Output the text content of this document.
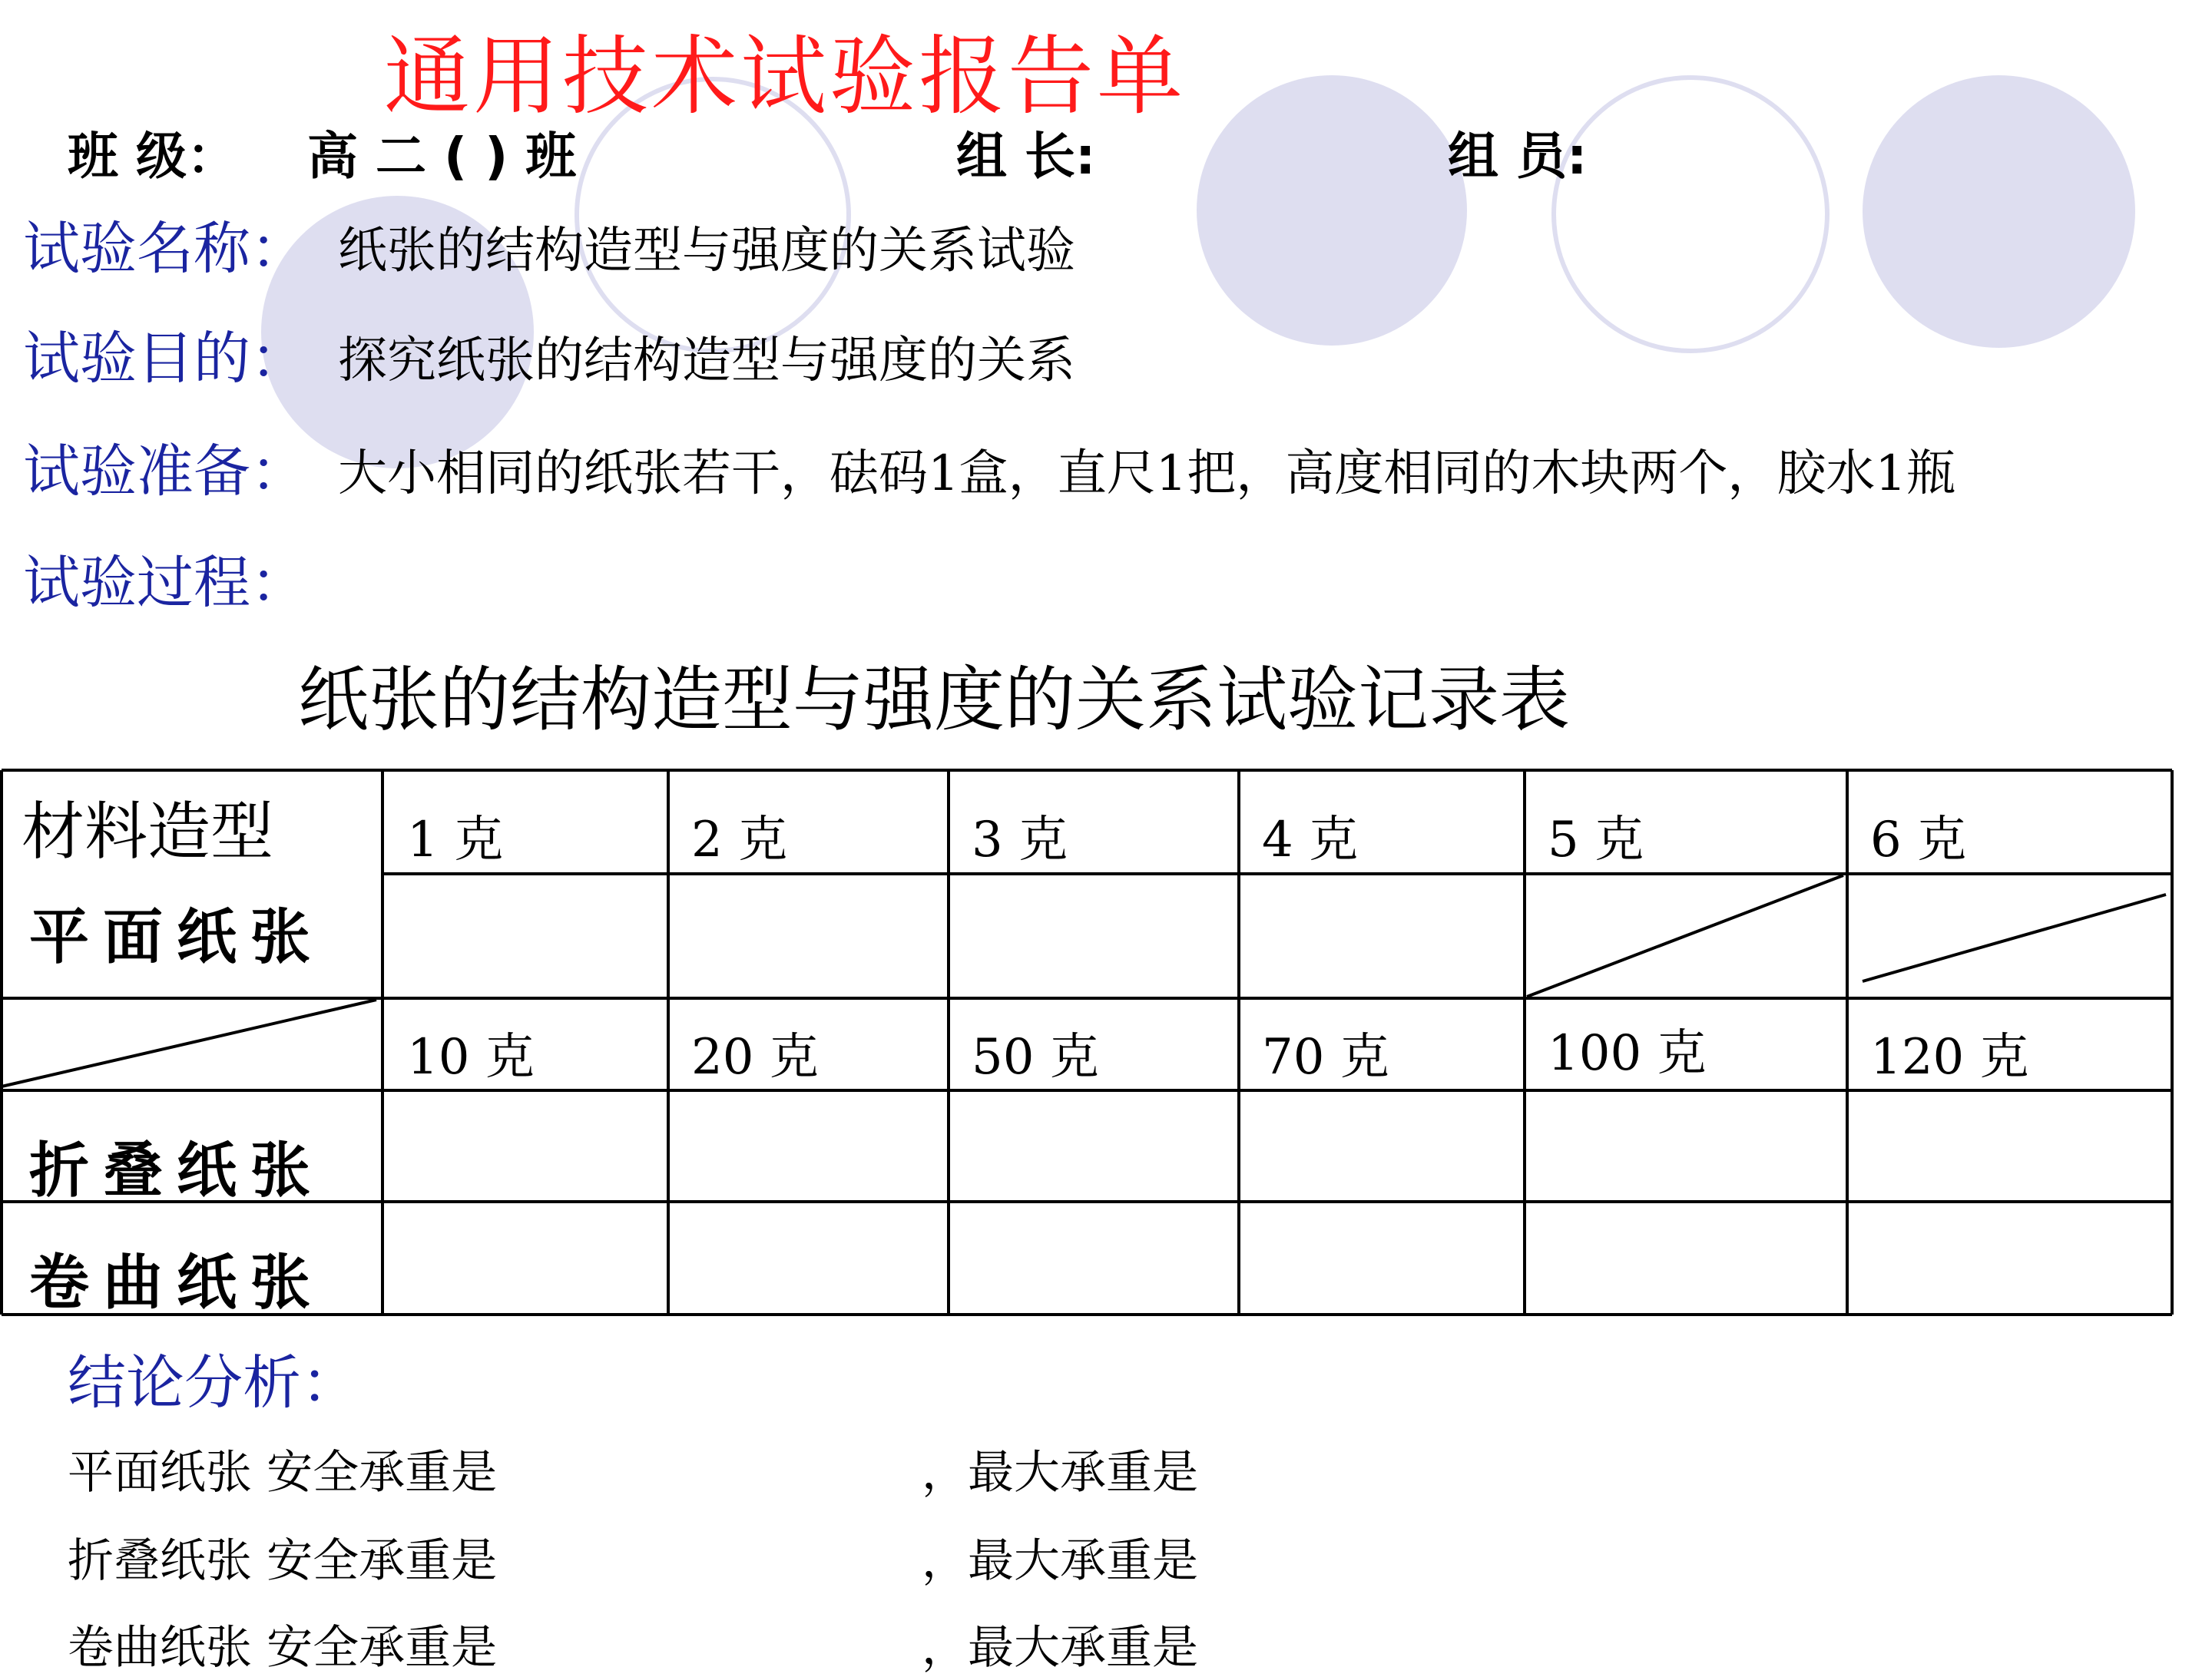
通用技术试验报告单
班 级： 高 二 ( ) 班	组 长:	组 员:
试验名称： 纸张的结构造型与强度的关系试验
试验目的： 探究纸张的结构造型与强度的关系
试验准备： 大小相同的纸张若干，砝码1盒，直尺1把，高度相同的木块两个，胶水1瓶
试验过程：
纸张的结构造型与强度的关系试验记录表
材料造型	1 克	2 克	3 克	4 克	5 克	6 克
平面纸张
10 克	20 克	50 克	70 克	100 克	120 克
折叠纸张
卷曲纸张
结论分析：
平面纸张 安全承重是	，最大承重是
折叠纸张 安全承重是	，最大承重是
卷曲纸张 安全承重是	，最大承重是
